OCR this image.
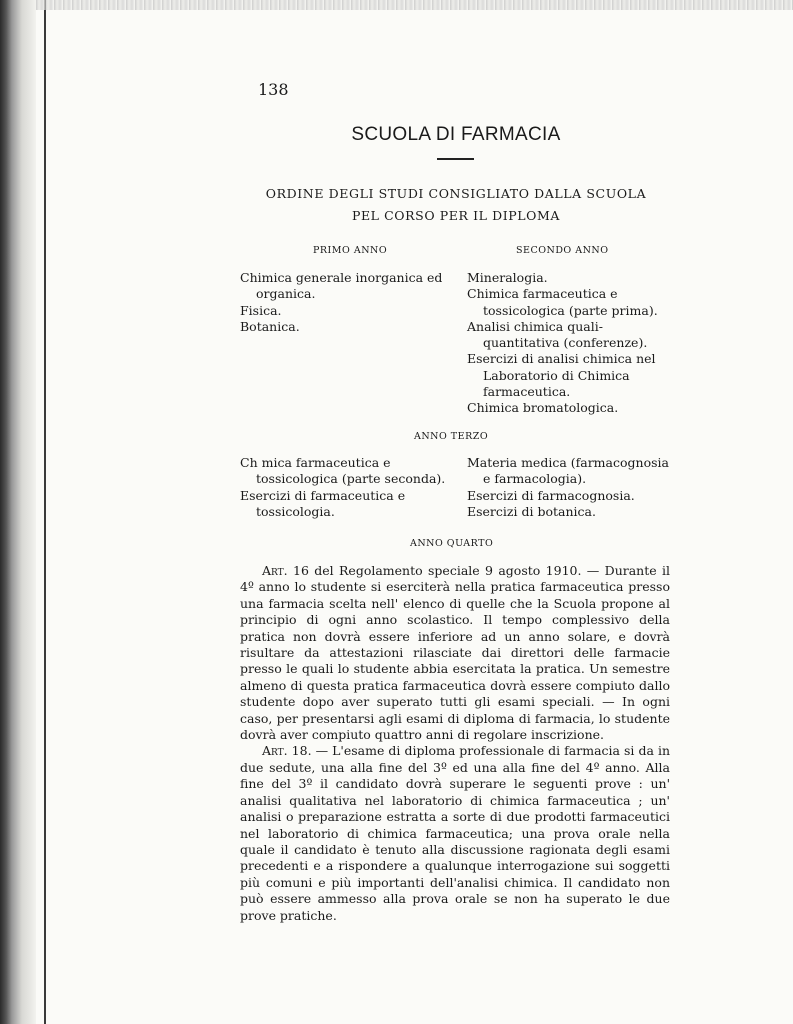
138
SCUOLA DI FARMACIA
ORDINE DEGLI STUDI CONSIGLIATO DALLA SCUOLA
PEL CORSO PER IL DIPLOMA
PRIMO ANNO	SECONDO ANNO
Chimica generale inorganica ed organica.
Fisica.
Botanica.
Mineralogia.
Chimica farmaceutica e tossicologica (parte prima).
Analisi chimica quali-quantitativa (conferenze).
Esercizi di analisi chimica nel Laboratorio di Chimica farmaceutica.
Chimica bromatologica.
ANNO TERZO
Ch mica farmaceutica e tossicologica (parte seconda).
Esercizi di farmaceutica e tossicologia.
Materia medica (farmacognosia e farmacologia).
Esercizi di farmacognosia.
Esercizi di botanica.
ANNO QUARTO

Art. 16 del Regolamento speciale 9 agosto 1910. — Durante il 4º anno lo studente si eserciterà nella pratica farmaceutica presso una farmacia scelta nell' elenco di quelle che la Scuola propone al principio di ogni anno scolastico. Il tempo complessivo della pratica non dovrà essere inferiore ad un anno solare, e dovrà risultare da attestazioni rilasciate dai direttori delle farmacie presso le quali lo studente abbia esercitata la pratica. Un semestre almeno di questa pratica farmaceutica dovrà essere compiuto dallo studente dopo aver superato tutti gli esami speciali. — In ogni caso, per presentarsi agli esami di diploma di farmacia, lo studente dovrà aver compiuto quattro anni di regolare inscrizione.

Art. 18. — L'esame di diploma professionale di farmacia si da in due sedute, una alla fine del 3º ed una alla fine del 4º anno. Alla fine del 3º il candidato dovrà superare le seguenti prove : un' analisi qualitativa nel laboratorio di chimica farmaceutica ; un' analisi o preparazione estratta a sorte di due prodotti farmaceutici nel laboratorio di chimica farmaceutica; una prova orale nella quale il candidato è tenuto alla discussione ragionata degli esami precedenti e a rispondere a qualunque interrogazione sui soggetti più comuni e più importanti dell'analisi chimica. Il candidato non può essere ammesso alla prova orale se non ha superato le due prove pratiche.
